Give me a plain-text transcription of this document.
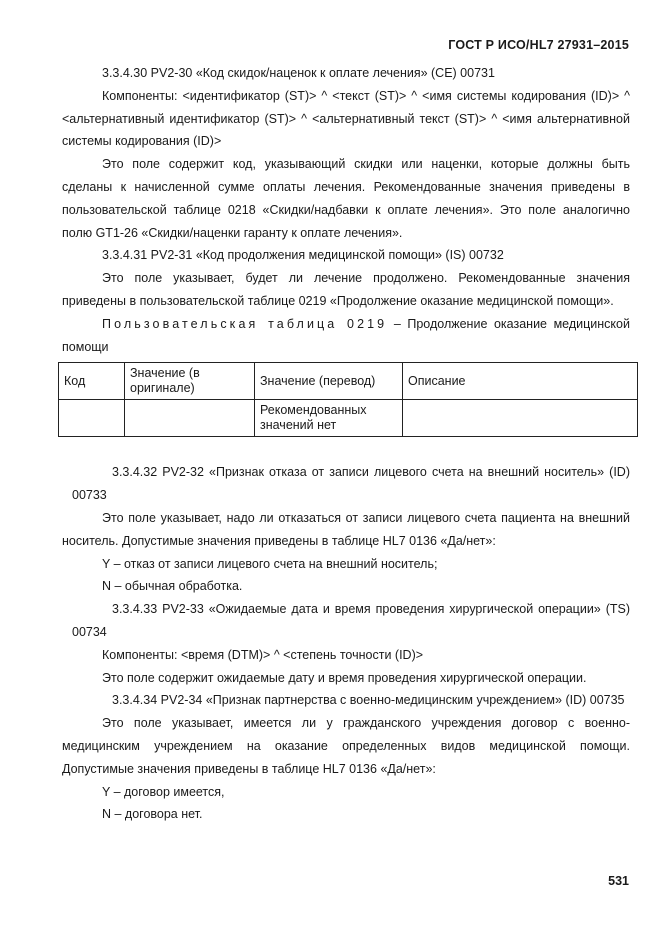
ГОСТ Р ИСО/HL7 27931–2015

3.3.4.30 PV2-30 «Код скидок/наценок к оплате лечения» (CE) 00731

Компоненты: <идентификатор (ST)> ^ <текст (ST)> ^ <имя системы кодирования (ID)> ^ <альтернативный идентификатор (ST)> ^ <альтернативный текст (ST)> ^ <имя альтернативной системы кодирования (ID)>

Это поле содержит код, указывающий скидки или наценки, которые должны быть сделаны к начисленной сумме оплаты лечения. Рекомендованные значения приведены в пользовательской таблице 0218 «Скидки/надбавки к оплате лечения». Это поле аналогично полю GT1-26 «Скидки/наценки гаранту к оплате лечения».

3.3.4.31 PV2-31 «Код продолжения медицинской помощи» (IS) 00732

Это поле указывает, будет ли лечение продолжено. Рекомендованные значения приведены в пользовательской таблице 0219 «Продолжение оказание медицинской помощи».

Пользовательская таблица 0219 – Продолжение оказание медицинской помощи

Код	Значение (в оригинале)	Значение (перевод)	Описание
		Рекомендованных значений нет	

3.3.4.32 PV2-32 «Признак отказа от записи лицевого счета на внешний носитель» (ID) 00733

Это поле указывает, надо ли отказаться от записи лицевого счета пациента на внешний носитель. Допустимые значения приведены в таблице HL7 0136 «Да/нет»:

Y – отказ от записи лицевого счета на внешний носитель;

N – обычная обработка.

3.3.4.33 PV2-33 «Ожидаемые дата и время проведения хирургической операции» (TS) 00734

Компоненты: <время (DTM)> ^ <степень точности (ID)>

Это поле содержит ожидаемые дату и время проведения хирургической операции.

3.3.4.34 PV2-34 «Признак партнерства с военно-медицинским учреждением» (ID) 00735

Это поле указывает, имеется ли у гражданского учреждения договор с военно-медицинским учреждением на оказание определенных видов медицинской помощи. Допустимые значения приведены в таблице HL7 0136 «Да/нет»:

Y – договор имеется,

N – договора нет.

531
